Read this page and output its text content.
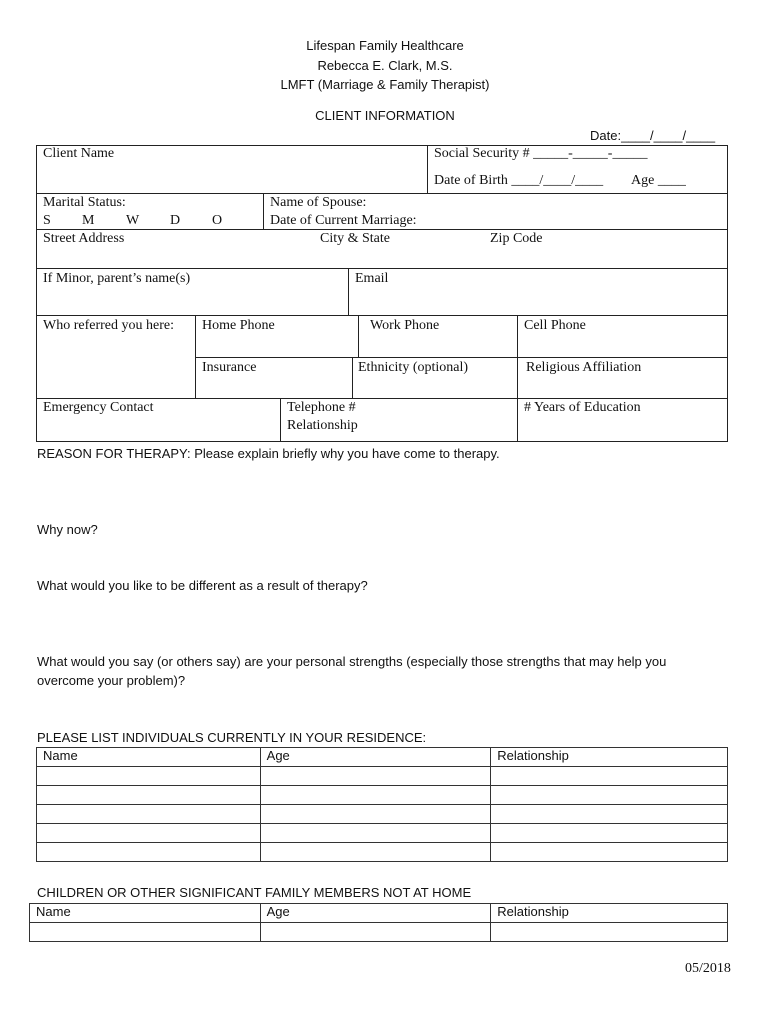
Lifespan Family Healthcare
Rebecca E. Clark, M.S.
LMFT (Marriage & Family Therapist)
CLIENT INFORMATION
Date:____/____/____
Client Name	Social Security # _____-_____-_____
Date of Birth ____/____/____ Age ____
Marital Status:
S M W D O
Name of Spouse:
Date of Current Marriage:
Street Address	City & State	Zip Code
If Minor, parent’s name(s)	Email
Who referred you here: Home Phone	Work Phone	Cell Phone
Insurance	Ethnicity (optional)	Religious Affiliation
Emergency Contact	Telephone #
Relationship
# Years of Education
REASON FOR THERAPY: Please explain briefly why you have come to therapy.
Why now?
What would you like to be different as a result of therapy?
What would you say (or others say) are your personal strengths (especially those strengths that may help you
overcome your problem)?
PLEASE LIST INDIVIDUALS CURRENTLY IN YOUR RESIDENCE:
Name	Age	Relationship

CHILDREN OR OTHER SIGNIFICANT FAMILY MEMBERS NOT AT HOME
Name	Age	Relationship

05/2018
